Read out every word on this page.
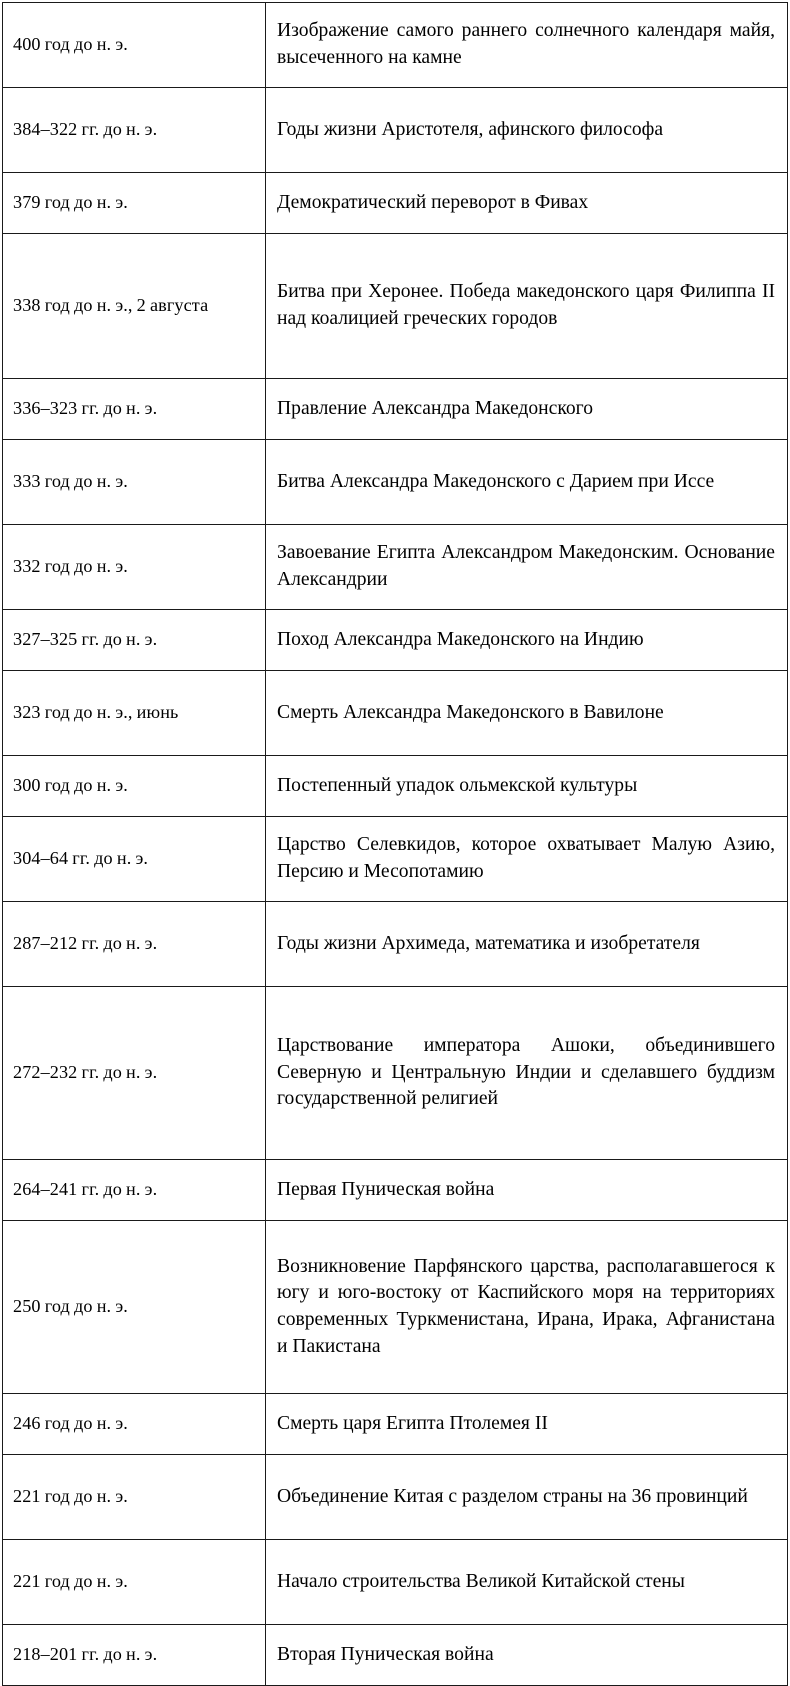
400 год до н. э.	Изображение самого раннего солнечного календаря майя, высеченного на камне

384–322 гг. до н. э.	Годы жизни Аристотеля, афинского философа

379 год до н. э.	Демократический переворот в Фивах

338 год до н. э., 2 августа	Битва при Херонее. Победа македонского царя Филиппа II над коалицией греческих городов

336–323 гг. до н. э.	Правление Александра Македонского

333 год до н. э.	Битва Александра Македонского с Дарием при Иссе

332 год до н. э.	Завоевание Египта Александром Македонским. Основание Александрии

327–325 гг. до н. э.	Поход Александра Македонского на Индию

323 год до н. э., июнь	Смерть Александра Македонского в Вавилоне

300 год до н. э.	Постепенный упадок ольмекской культуры

304–64 гг. до н. э.	Царство Селевкидов, которое охватывает Малую Азию, Персию и Месопотамию

287–212 гг. до н. э.	Годы жизни Архимеда, математика и изобретателя

272–232 гг. до н. э.	Царствование императора Ашоки, объединившего Северную и Центральную Индии и сделавшего буддизм государственной религией

264–241 гг. до н. э.	Первая Пуническая война

250 год до н. э.	Возникновение Парфянского царства, располагавшегося к югу и юго-востоку от Каспийского моря на территориях современных Туркменистана, Ирана, Ирака, Афганистана и Пакистана

246 год до н. э.	Смерть царя Египта Птолемея II

221 год до н. э.	Объединение Китая с разделом страны на 36 провинций

221 год до н. э.	Начало строительства Великой Китайской стены

218–201 гг. до н. э.	Вторая Пуническая война
